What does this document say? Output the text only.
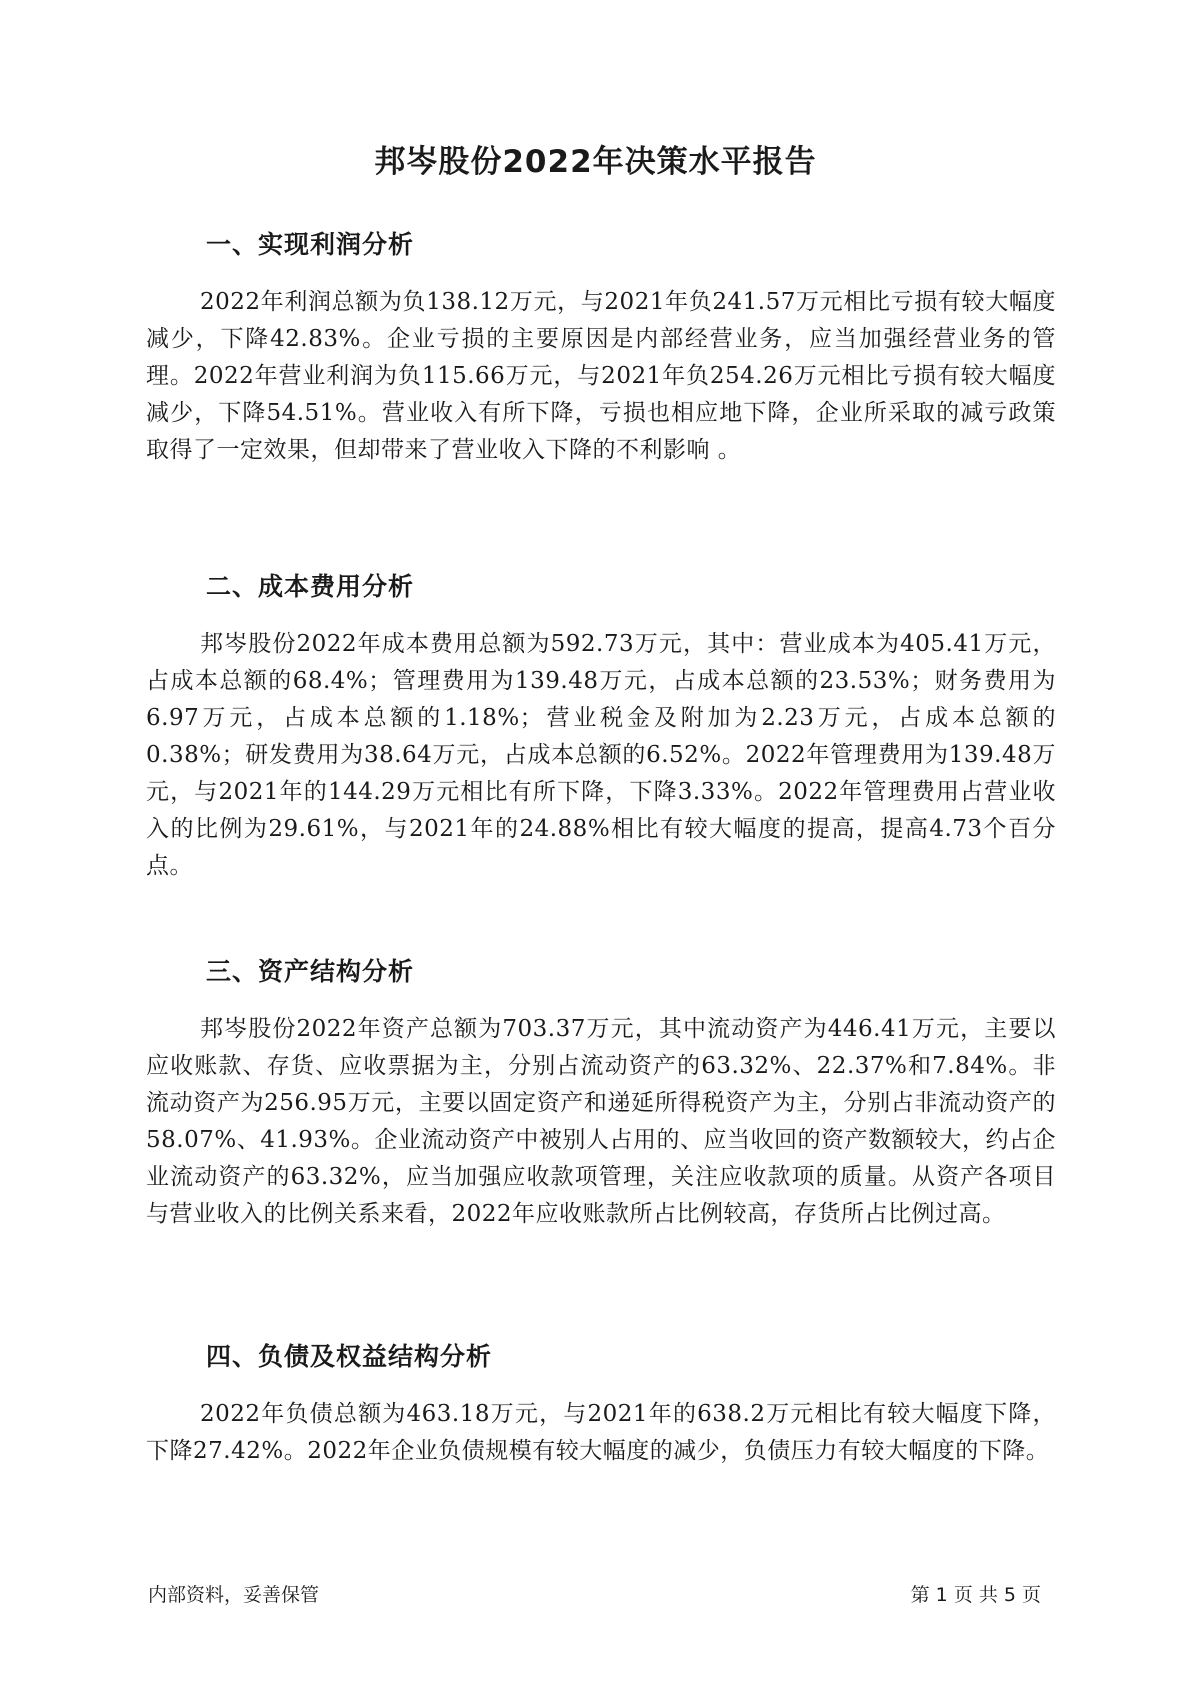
邦岑股份2022年决策水平报告
一、实现利润分析

2022年利润总额为负138.12万元，与2021年负241.57万元相比亏损有较大幅度减少，下降42.83%。企业亏损的主要原因是内部经营业务，应当加强经营业务的管理。2022年营业利润为负115.66万元，与2021年负254.26万元相比亏损有较大幅度减少，下降54.51%。营业收入有所下降，亏损也相应地下降，企业所采取的减亏政策取得了一定效果，但却带来了营业收入下降的不利影响 。

二、成本费用分析

邦岑股份2022年成本费用总额为592.73万元，其中：营业成本为405.41万元，占成本总额的68.4%；管理费用为139.48万元，占成本总额的23.53%；财务费用为6.97万元，占成本总额的1.18%；营业税金及附加为2.23万元，占成本总额的0.38%；研发费用为38.64万元，占成本总额的6.52%。2022年管理费用为139.48万元，与2021年的144.29万元相比有所下降，下降3.33%。2022年管理费用占营业收入的比例为29.61%，与2021年的24.88%相比有较大幅度的提高，提高4.73个百分点。

三、资产结构分析

邦岑股份2022年资产总额为703.37万元，其中流动资产为446.41万元，主要以应收账款、存货、应收票据为主，分别占流动资产的63.32%、22.37%和7.84%。非流动资产为256.95万元，主要以固定资产和递延所得税资产为主，分别占非流动资产的58.07%、41.93%。企业流动资产中被别人占用的、应当收回的资产数额较大，约占企业流动资产的63.32%，应当加强应收款项管理，关注应收款项的质量。从资产各项目与营业收入的比例关系来看，2022年应收账款所占比例较高，存货所占比例过高。

四、负债及权益结构分析

2022年负债总额为463.18万元，与2021年的638.2万元相比有较大幅度下降，下降27.42%。2022年企业负债规模有较大幅度的减少，负债压力有较大幅度的下降。

内部资料，妥善保管	第 1 页 共 5 页
